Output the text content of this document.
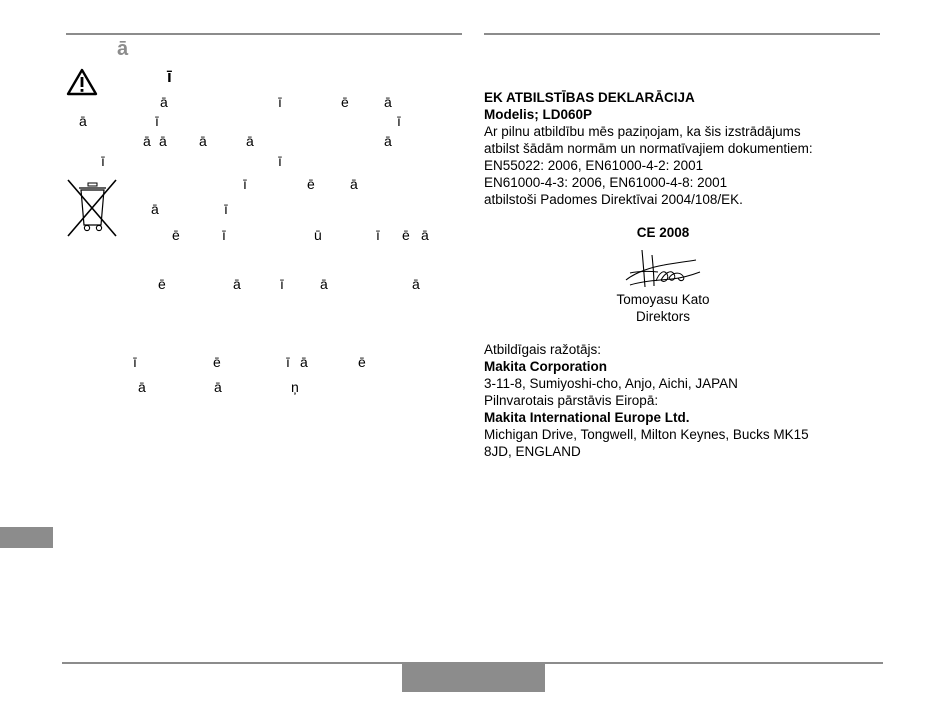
ā
ī
ā	ī	ē	ā
ā	ī	ī
ā ā ā	ā	ā
ī	ī
ī	ē	ā
ā	ī
ē	ī	ū	ī ē ā
ē	ā	ī	ā	ā
ī	ē	ī ā	ē
ā	ā	ņ
EK ATBILSTĪBAS DEKLARĀCIJA
Modelis; LD060P
Ar pilnu atbildību mēs paziņojam, ka šis izstrādājums
atbilst šādām normām un normatīvajiem dokumentiem:
EN55022: 2006, EN61000-4-2: 2001
EN61000-4-3: 2006, EN61000-4-8: 2001
atbilstoši Padomes Direktīvai 2004/108/EK.
CE 2008
Tomoyasu Kato
Direktors
Atbildīgais ražotājs:
Makita Corporation
3-11-8, Sumiyoshi-cho, Anjo, Aichi, JAPAN
Pilnvarotais pārstāvis Eiropā:
Makita International Europe Ltd.
Michigan Drive, Tongwell, Milton Keynes, Bucks MK15
8JD, ENGLAND
